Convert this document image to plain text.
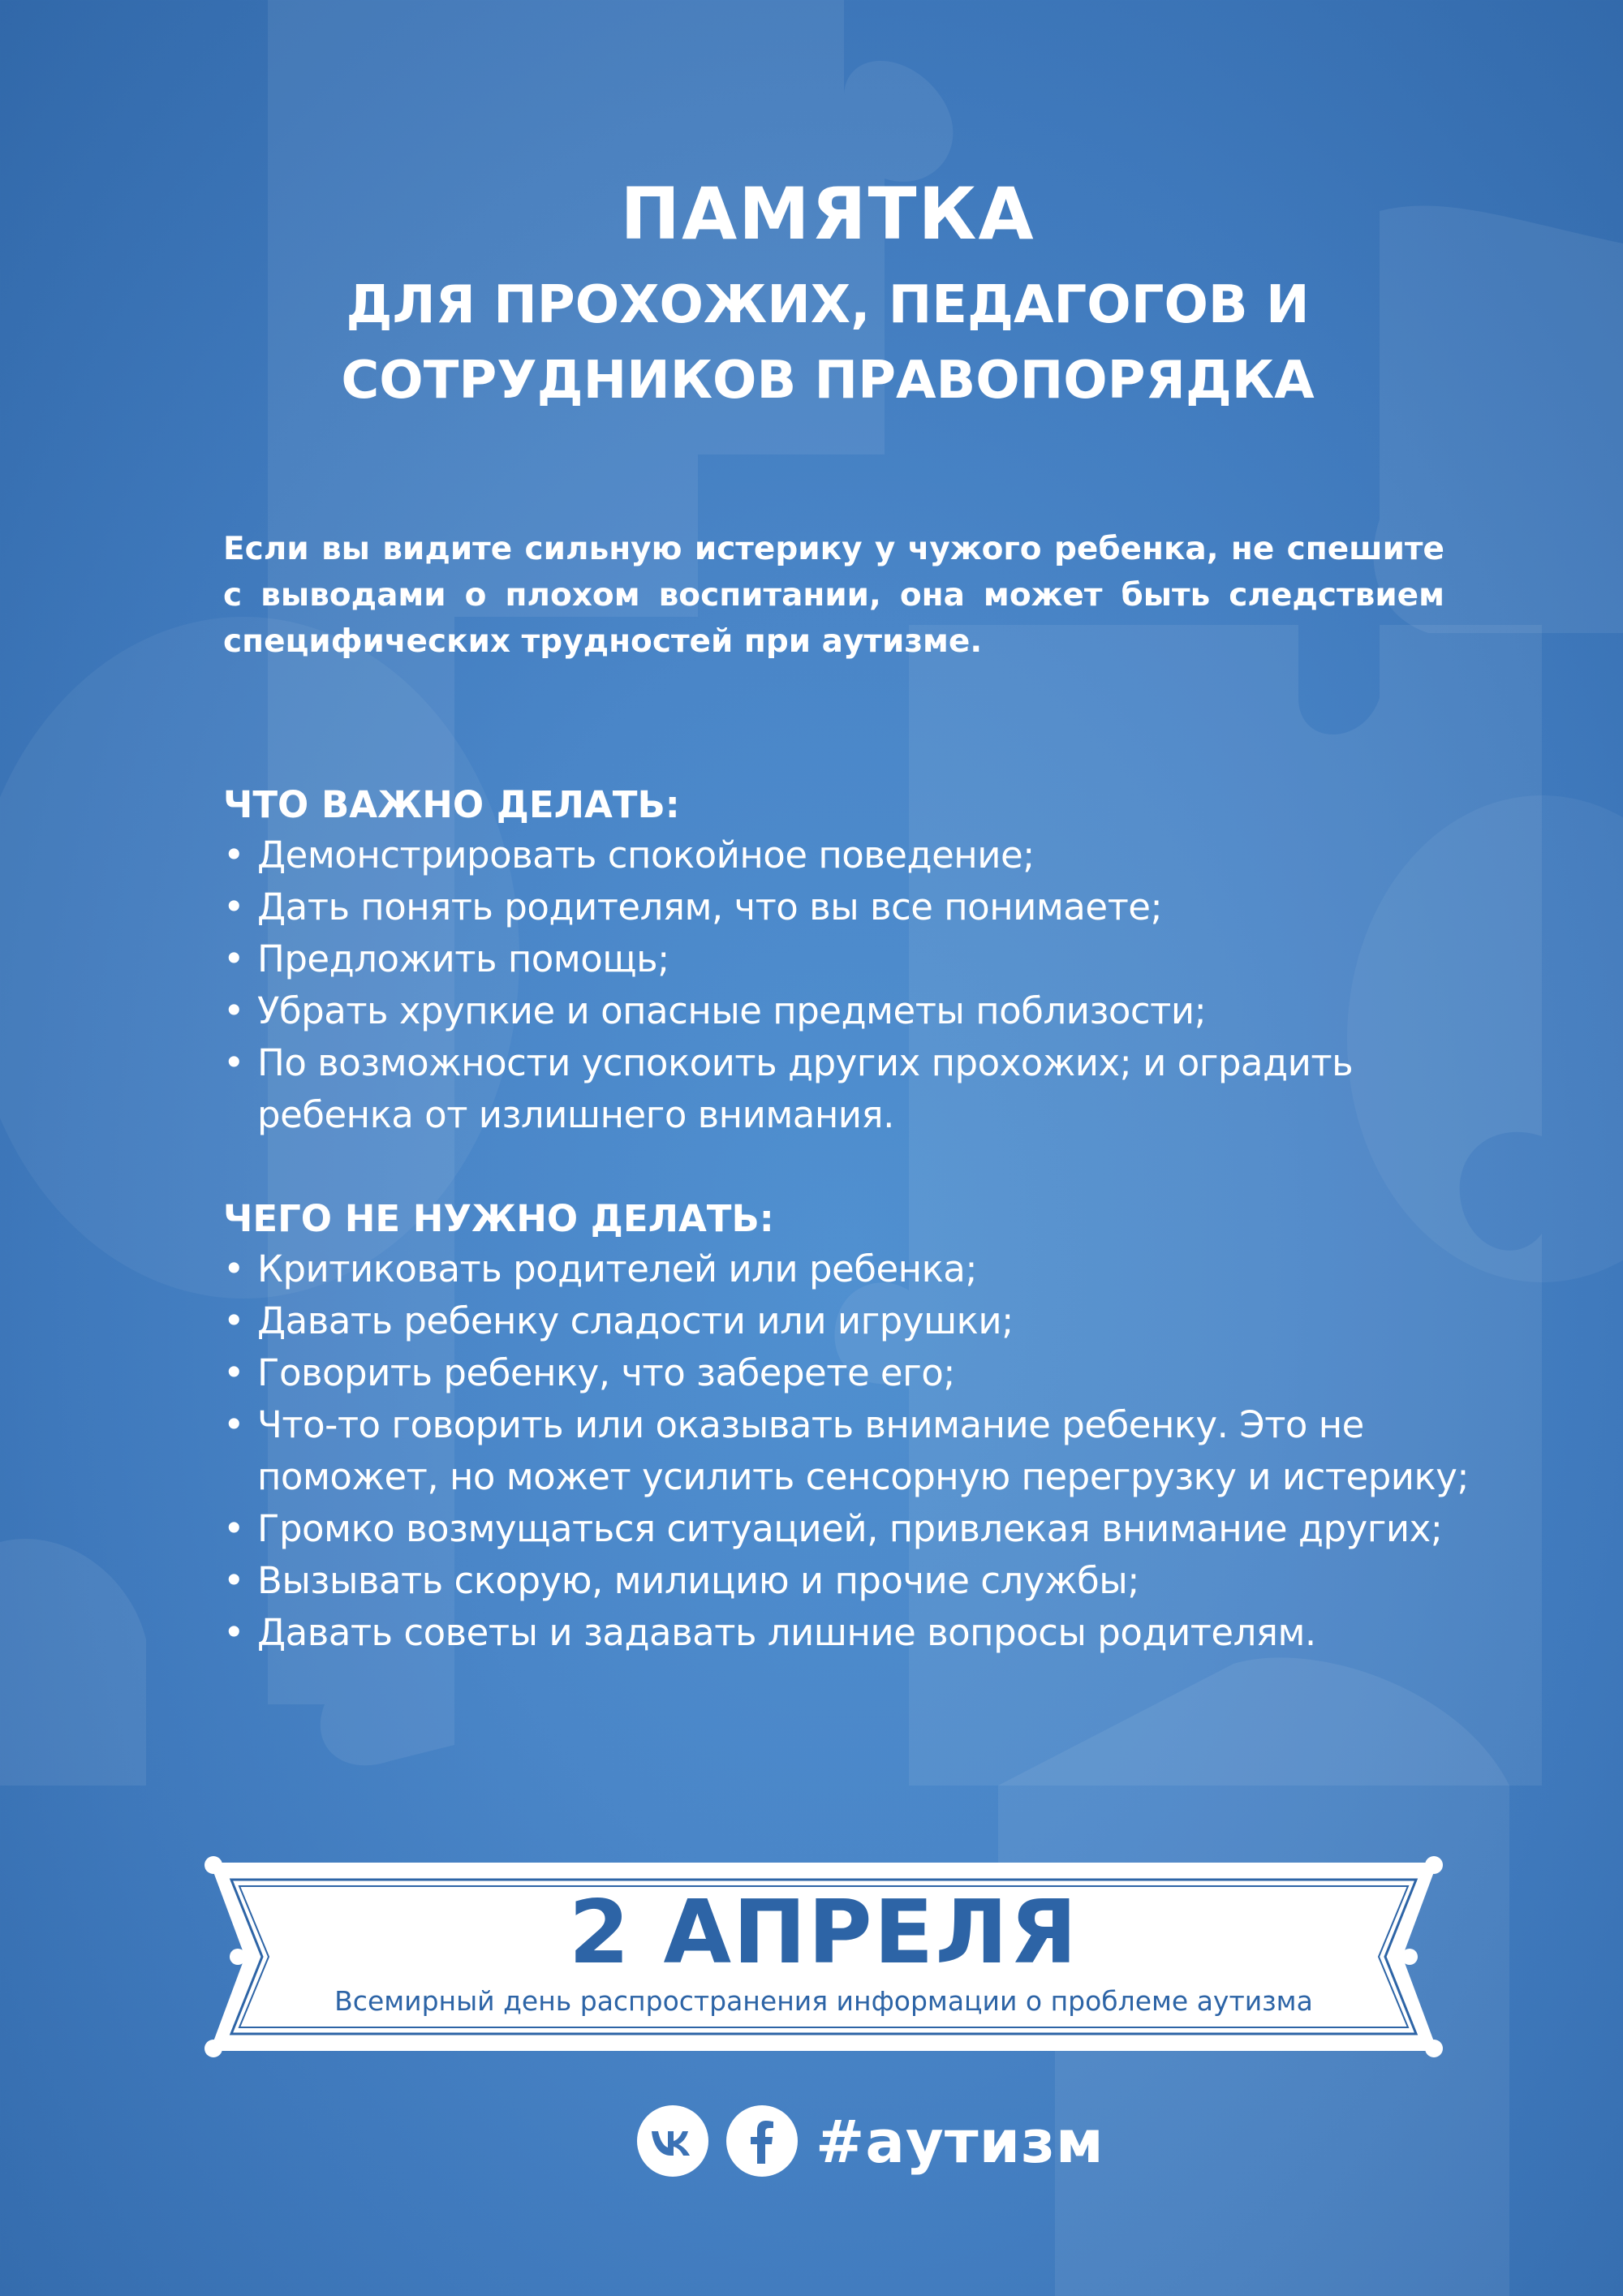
ПАМЯТКА
ДЛЯ ПРОХОЖИХ, ПЕДАГОГОВ И
СОТРУДНИКОВ ПРАВОПОРЯДКА

Если вы видите сильную истерику у чужого ребенка, не спешите с выводами о плохом воспитании, она может быть следствием специфических трудностей при аутизме.

ЧТО ВАЖНО ДЕЛАТЬ:
• Демонстрировать спокойное поведение;
• Дать понять родителям, что вы все понимаете;
• Предложить помощь;
• Убрать хрупкие и опасные предметы поблизости;
• По возможности успокоить других прохожих; и оградить ребенка от излишнего внимания.
ЧЕГО НЕ НУЖНО ДЕЛАТЬ:
• Критиковать родителей или ребенка;
• Давать ребенку сладости или игрушки;
• Говорить ребенку, что заберете его;
• Что-то говорить или оказывать внимание ребенку. Это не поможет, но может усилить сенсорную перегрузку и истерику;
• Громко возмущаться ситуацией, привлекая внимание других;
• Вызывать скорую, милицию и прочие службы;
• Давать советы и задавать лишние вопросы родителям.
2 АПРЕЛЯ
Всемирный день распространения информации о проблеме аутизма
#аутизм
